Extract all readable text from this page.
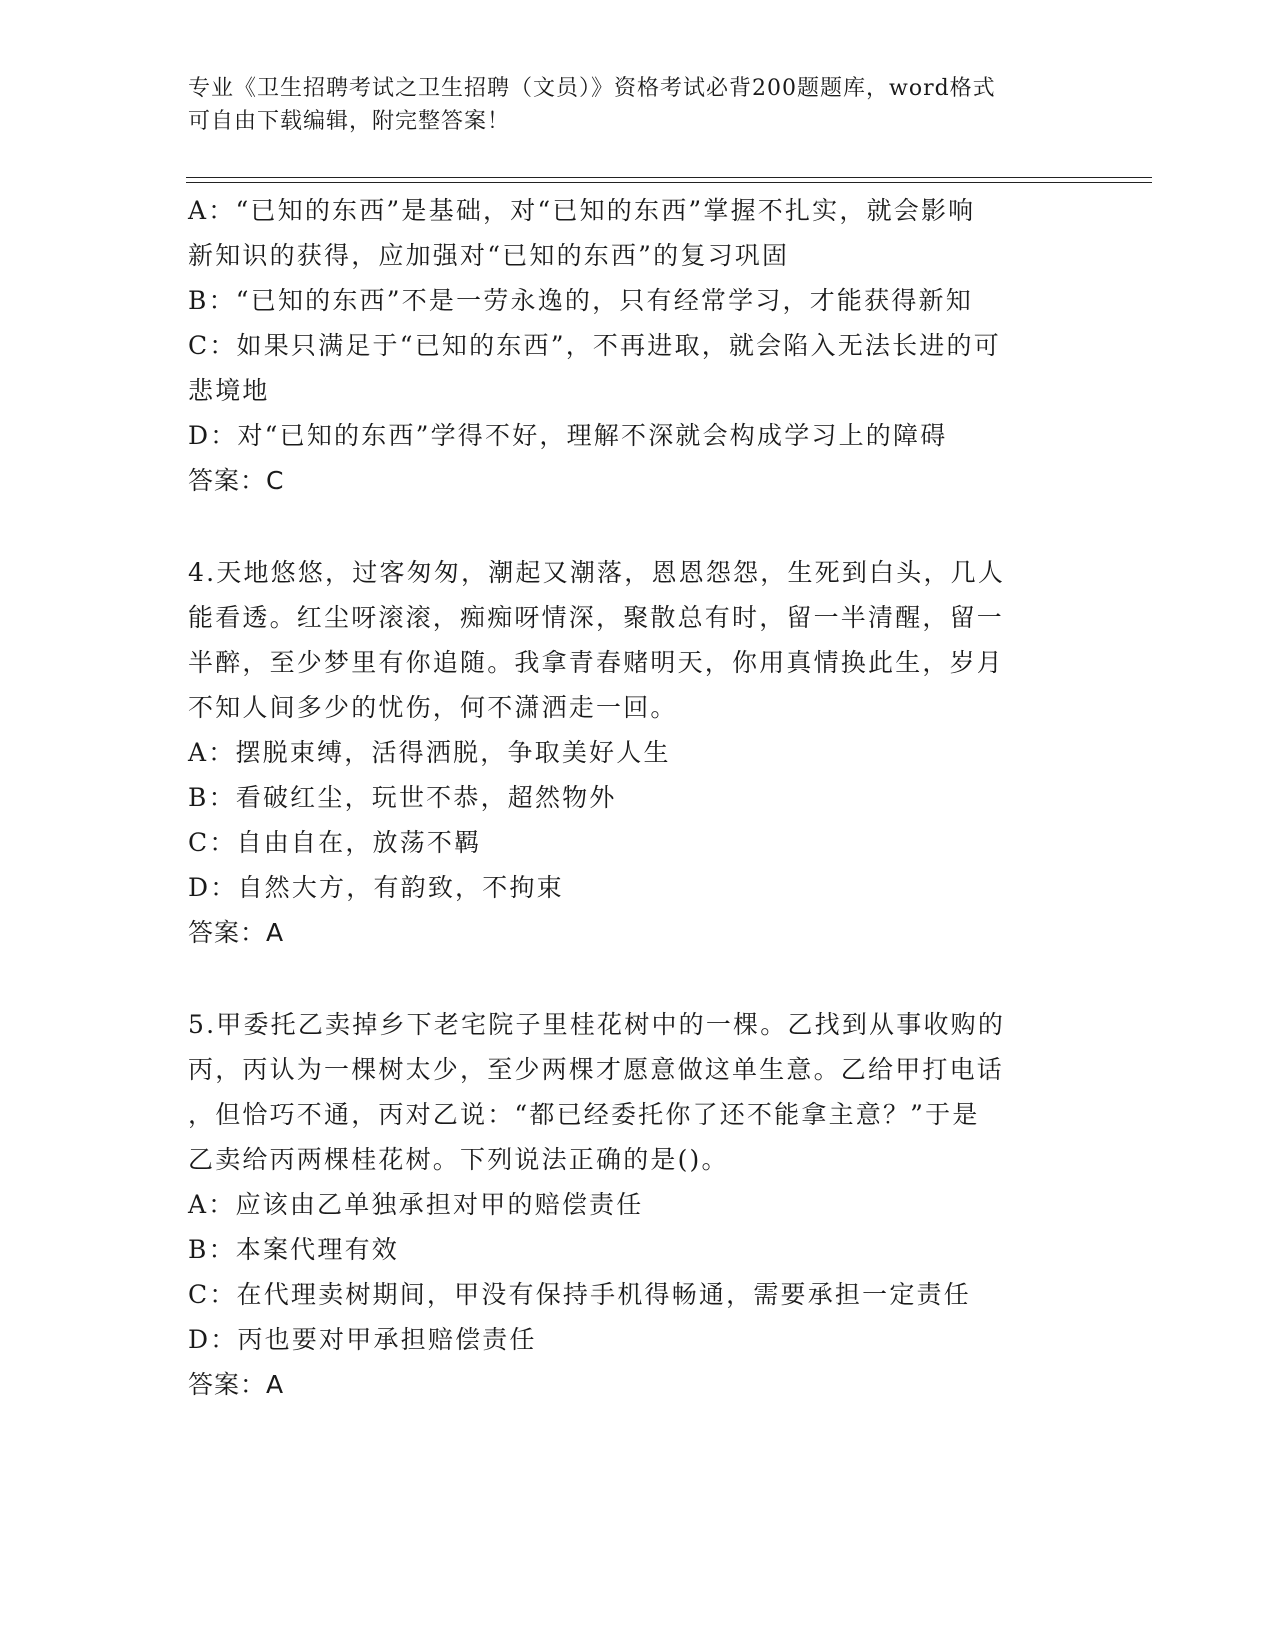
专业《卫生招聘考试之卫生招聘（文员）》资格考试必背200题题库，word格式
可自由下载编辑，附完整答案！
A：“已知的东西”是基础，对“已知的东西”掌握不扎实，就会影响
新知识的获得，应加强对“已知的东西”的复习巩固
B：“已知的东西”不是一劳永逸的，只有经常学习，才能获得新知
C：如果只满足于“已知的东西”，不再进取，就会陷入无法长进的可
悲境地
D：对“已知的东西”学得不好，理解不深就会构成学习上的障碍
答案：C
4.天地悠悠，过客匆匆，潮起又潮落，恩恩怨怨，生死到白头，几人
能看透。红尘呀滚滚，痴痴呀情深，聚散总有时，留一半清醒，留一
半醉，至少梦里有你追随。我拿青春赌明天，你用真情换此生，岁月
不知人间多少的忧伤，何不潇洒走一回。
A：摆脱束缚，活得洒脱，争取美好人生
B：看破红尘，玩世不恭，超然物外
C：自由自在，放荡不羁
D：自然大方，有韵致，不拘束
答案：A
5.甲委托乙卖掉乡下老宅院子里桂花树中的一棵。乙找到从事收购的
丙，丙认为一棵树太少，至少两棵才愿意做这单生意。乙给甲打电话
，但恰巧不通，丙对乙说：“都已经委托你了还不能拿主意？”于是
乙卖给丙两棵桂花树。下列说法正确的是()。
A：应该由乙单独承担对甲的赔偿责任
B：本案代理有效
C：在代理卖树期间，甲没有保持手机得畅通，需要承担一定责任
D：丙也要对甲承担赔偿责任
答案：A
